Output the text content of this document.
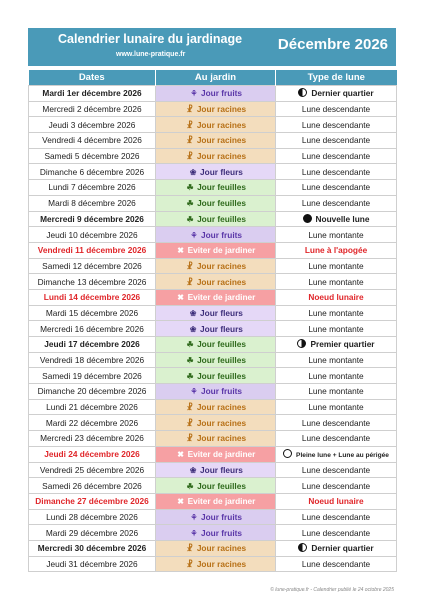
Calendrier lunaire du jardinage
www.lune-pratique.fr
Décembre 2026
Dates	Au jardin	Type de lune
Mardi 1er décembre 2026	⚘ Jour fruits	Dernier quartier
Mercredi 2 décembre 2026	☧ Jour racines	Lune descendante
Jeudi 3 décembre 2026	☧ Jour racines	Lune descendante
Vendredi 4 décembre 2026	☧ Jour racines	Lune descendante
Samedi 5 décembre 2026	☧ Jour racines	Lune descendante
Dimanche 6 décembre 2026	❀ Jour fleurs	Lune descendante
Lundi 7 décembre 2026	☘ Jour feuilles	Lune descendante
Mardi 8 décembre 2026	☘ Jour feuilles	Lune descendante
Mercredi 9 décembre 2026	☘ Jour feuilles	Nouvelle lune
Jeudi 10 décembre 2026	⚘ Jour fruits	Lune montante
Vendredi 11 décembre 2026	✖ Eviter de jardiner	Lune à l'apogée
Samedi 12 décembre 2026	☧ Jour racines	Lune montante
Dimanche 13 décembre 2026	☧ Jour racines	Lune montante
Lundi 14 décembre 2026	✖ Eviter de jardiner	Noeud lunaire
Mardi 15 décembre 2026	❀ Jour fleurs	Lune montante
Mercredi 16 décembre 2026	❀ Jour fleurs	Lune montante
Jeudi 17 décembre 2026	☘ Jour feuilles	Premier quartier
Vendredi 18 décembre 2026	☘ Jour feuilles	Lune montante
Samedi 19 décembre 2026	☘ Jour feuilles	Lune montante
Dimanche 20 décembre 2026	⚘ Jour fruits	Lune montante
Lundi 21 décembre 2026	☧ Jour racines	Lune montante
Mardi 22 décembre 2026	☧ Jour racines	Lune descendante
Mercredi 23 décembre 2026	☧ Jour racines	Lune descendante
Jeudi 24 décembre 2026	✖ Eviter de jardiner	Pleine lune + Lune au périgée
Vendredi 25 décembre 2026	❀ Jour fleurs	Lune descendante
Samedi 26 décembre 2026	☘ Jour feuilles	Lune descendante
Dimanche 27 décembre 2026	✖ Eviter de jardiner	Noeud lunaire
Lundi 28 décembre 2026	⚘ Jour fruits	Lune descendante
Mardi 29 décembre 2026	⚘ Jour fruits	Lune descendante
Mercredi 30 décembre 2026	☧ Jour racines	Dernier quartier
Jeudi 31 décembre 2026	☧ Jour racines	Lune descendante
© lune-pratique.fr - Calendrier publié le 24 octobre 2025
